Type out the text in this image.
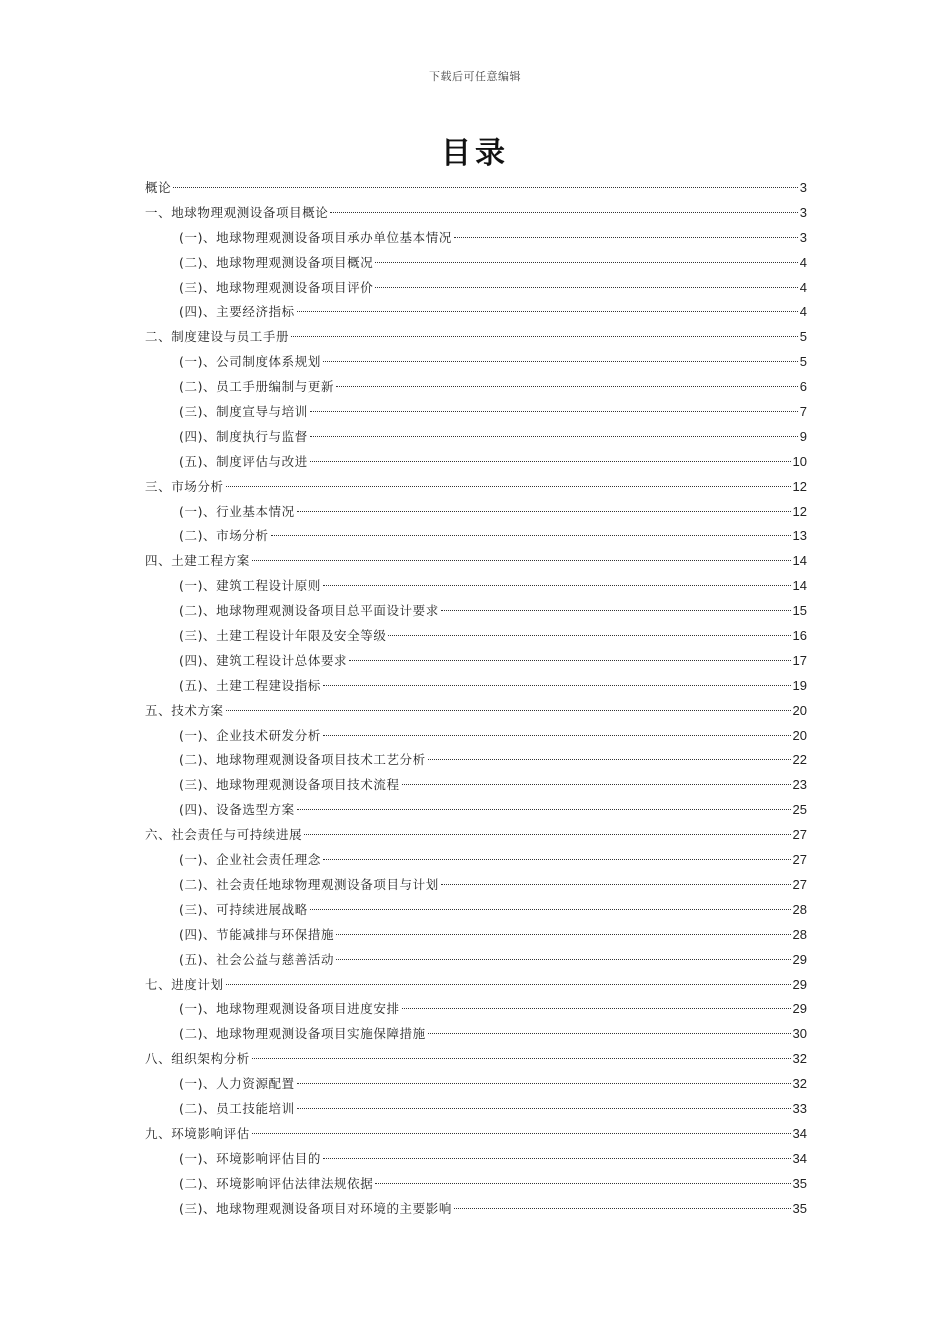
下载后可任意编辑
目录
概论	3
一、地球物理观测设备项目概论	3
(一)、地球物理观测设备项目承办单位基本情况	3
(二)、地球物理观测设备项目概况	4
(三)、地球物理观测设备项目评价	4
(四)、主要经济指标	4
二、制度建设与员工手册	5
(一)、公司制度体系规划	5
(二)、员工手册编制与更新	6
(三)、制度宣导与培训	7
(四)、制度执行与监督	9
(五)、制度评估与改进	10
三、市场分析	12
(一)、行业基本情况	12
(二)、市场分析	13
四、土建工程方案	14
(一)、建筑工程设计原则	14
(二)、地球物理观测设备项目总平面设计要求	15
(三)、土建工程设计年限及安全等级	16
(四)、建筑工程设计总体要求	17
(五)、土建工程建设指标	19
五、技术方案	20
(一)、企业技术研发分析	20
(二)、地球物理观测设备项目技术工艺分析	22
(三)、地球物理观测设备项目技术流程	23
(四)、设备选型方案	25
六、社会责任与可持续进展	27
(一)、企业社会责任理念	27
(二)、社会责任地球物理观测设备项目与计划	27
(三)、可持续进展战略	28
(四)、节能减排与环保措施	28
(五)、社会公益与慈善活动	29
七、进度计划	29
(一)、地球物理观测设备项目进度安排	29
(二)、地球物理观测设备项目实施保障措施	30
八、组织架构分析	32
(一)、人力资源配置	32
(二)、员工技能培训	33
九、环境影响评估	34
(一)、环境影响评估目的	34
(二)、环境影响评估法律法规依据	35
(三)、地球物理观测设备项目对环境的主要影响	35
